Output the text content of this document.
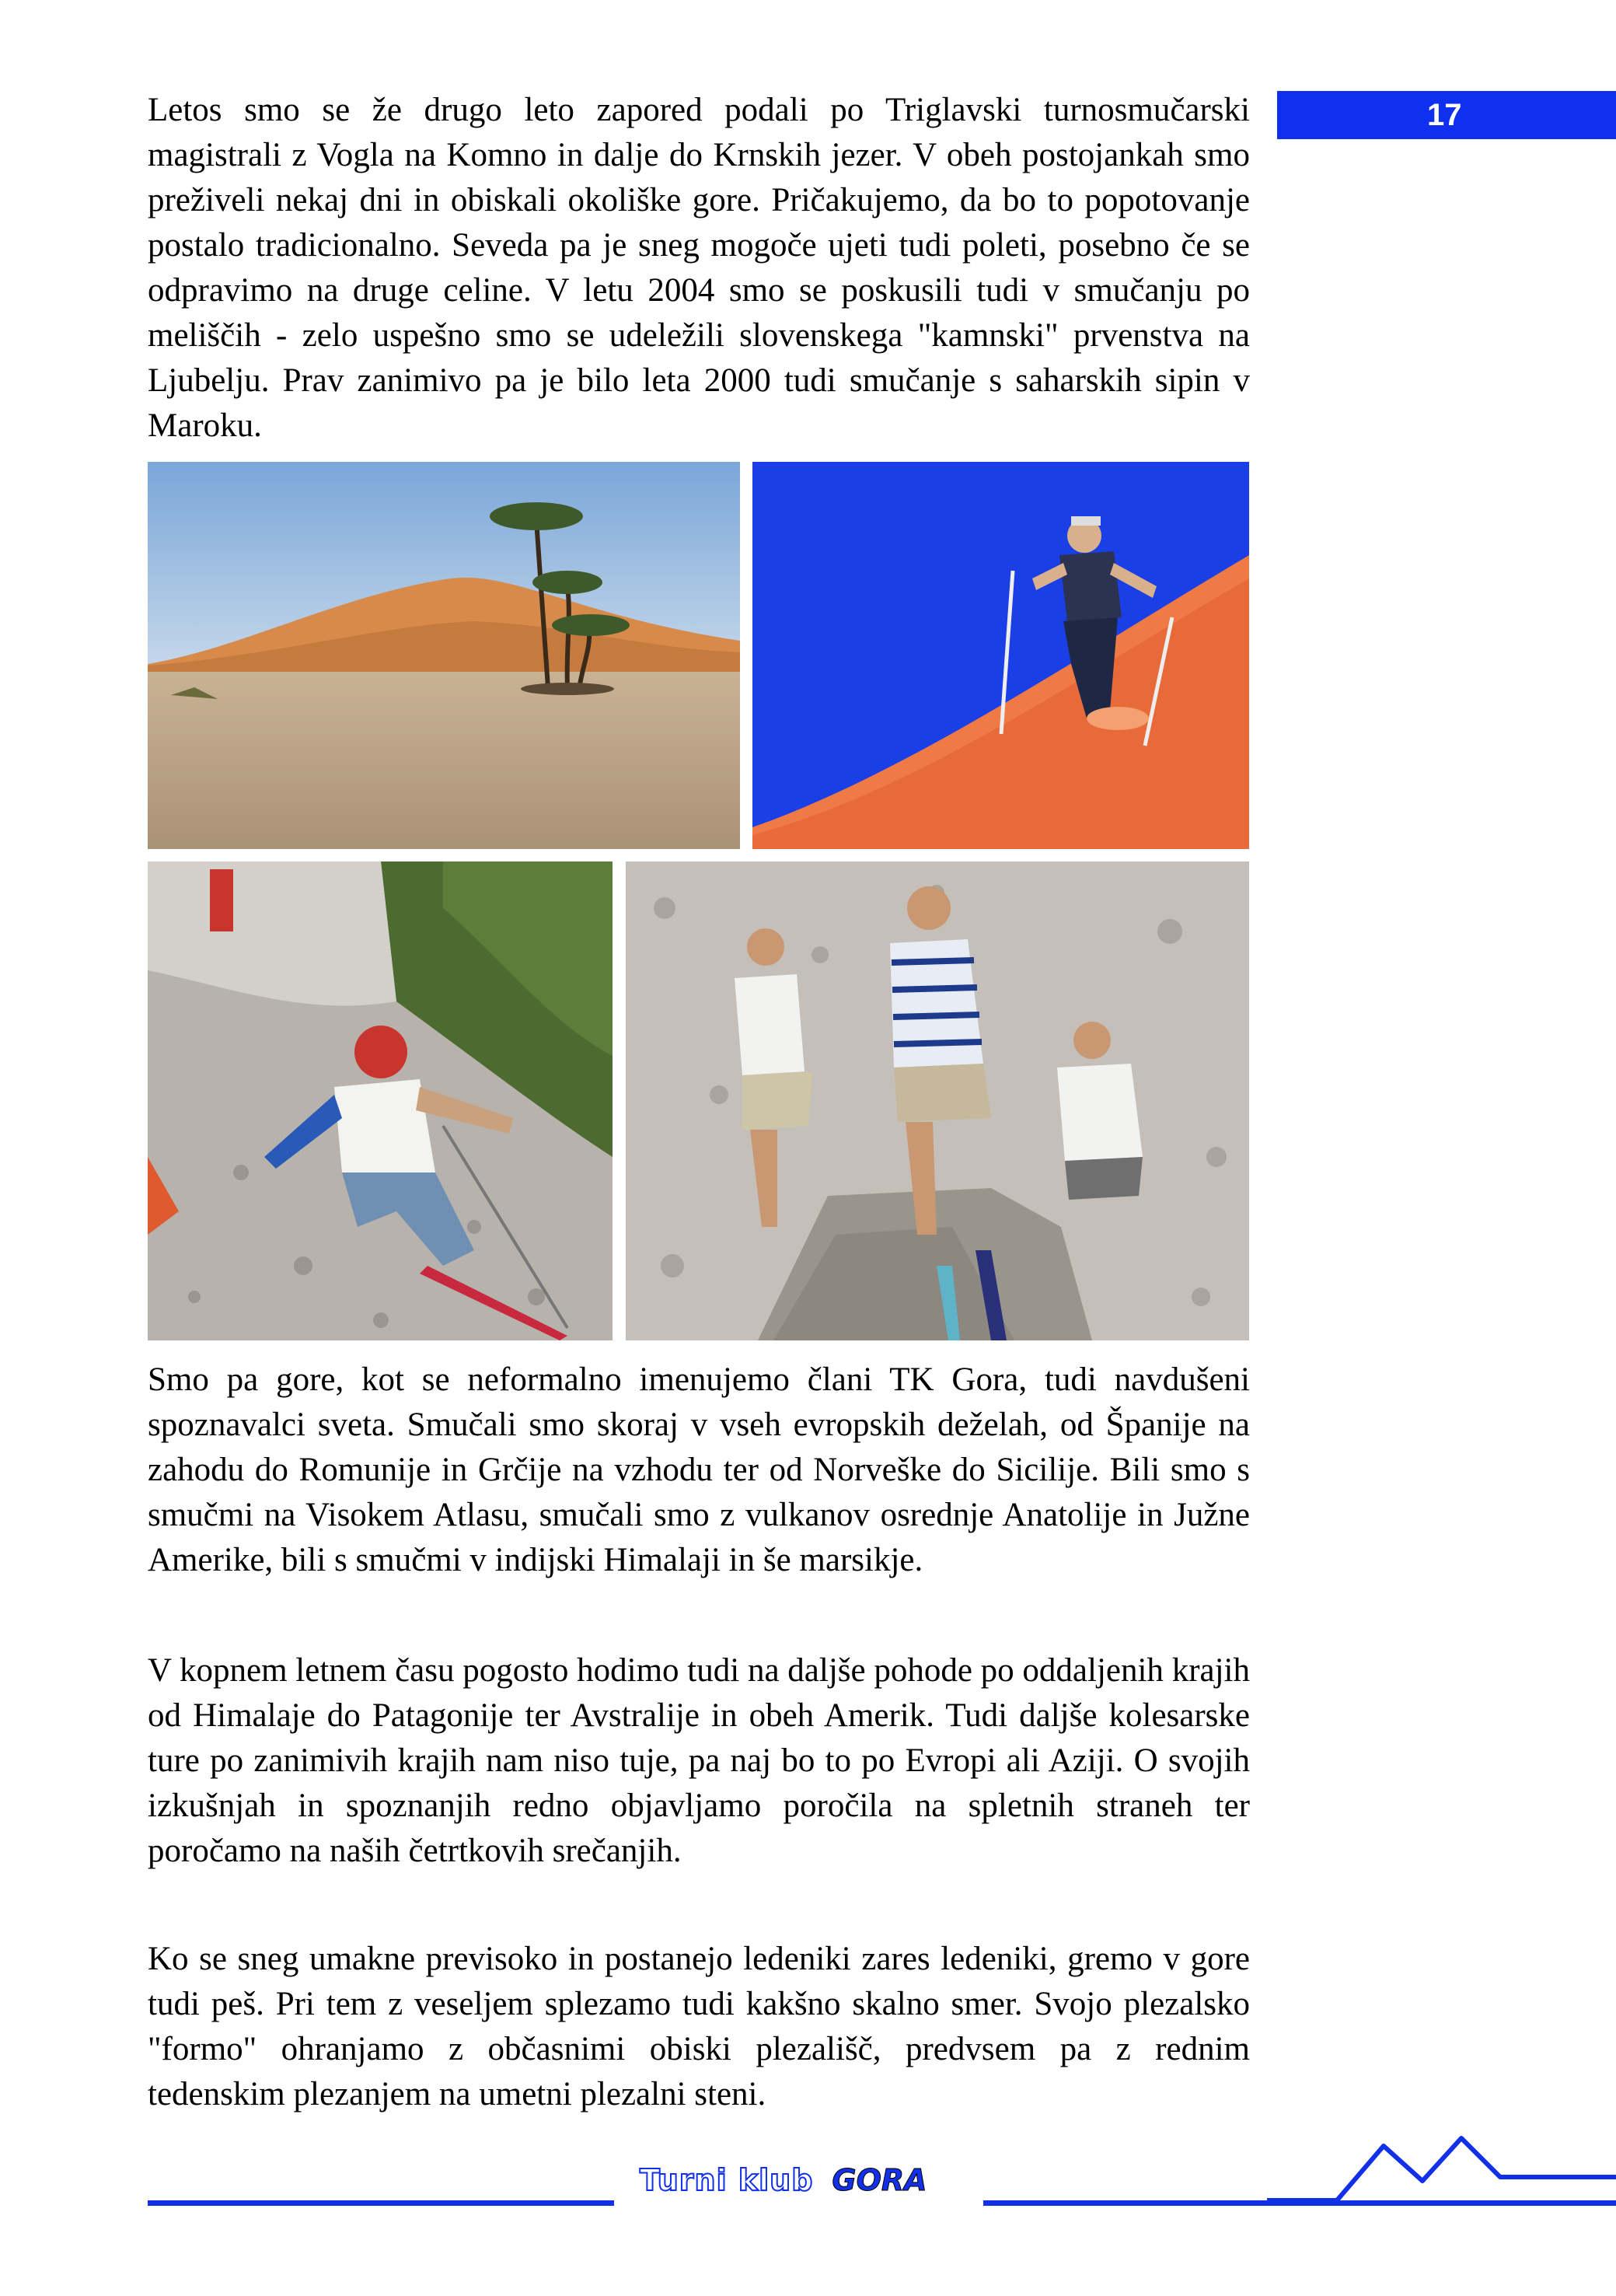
17

Letos smo se že drugo leto zapored podali po Triglavski turnosmučarski magistrali z Vogla na Komno in dalje do Krnskih jezer. V obeh postojankah smo preživeli nekaj dni in obiskali okoliške gore. Pričakujemo, da bo to popotovanje postalo tradicionalno. Seveda pa je sneg mogoče ujeti tudi poleti, posebno če se odpravimo na druge celine. V letu 2004 smo se poskusili tudi v smučanju po meliščih - zelo uspešno smo se udeležili slovenskega "kamnski" prvenstva na Ljubelju. Prav zanimivo pa je bilo leta 2000 tudi smučanje s saharskih sipin v Maroku.

Smo pa gore, kot se neformalno imenujemo člani TK Gora, tudi navdušeni spoznavalci sveta. Smučali smo skoraj v vseh evropskih deželah, od Španije na zahodu do Romunije in Grčije na vzhodu ter od Norveške do Sicilije. Bili smo s smučmi na Visokem Atlasu, smučali smo z vulkanov osrednje Anatolije in Južne Amerike, bili s smučmi v indijski Himalaji in še marsikje.

V kopnem letnem času pogosto hodimo tudi na daljše pohode po oddaljenih krajih od Himalaje do Patagonije ter Avstralije in obeh Amerik. Tudi daljše kolesarske ture po zanimivih krajih nam niso tuje, pa naj bo to po Evropi ali Aziji. O svojih izkušnjah in spoznanjih redno objavljamo poročila na spletnih straneh ter poročamo na naših četrtkovih srečanjih.

Ko se sneg umakne previsoko in postanejo ledeniki zares ledeniki, gremo v gore tudi peš. Pri tem z veseljem splezamo tudi kakšno skalno smer. Svojo plezalsko "formo" ohranjamo z občasnimi obiski plezališč, predvsem pa z rednim tedenskim plezanjem na umetni plezalni steni.

Turni klub GORA
